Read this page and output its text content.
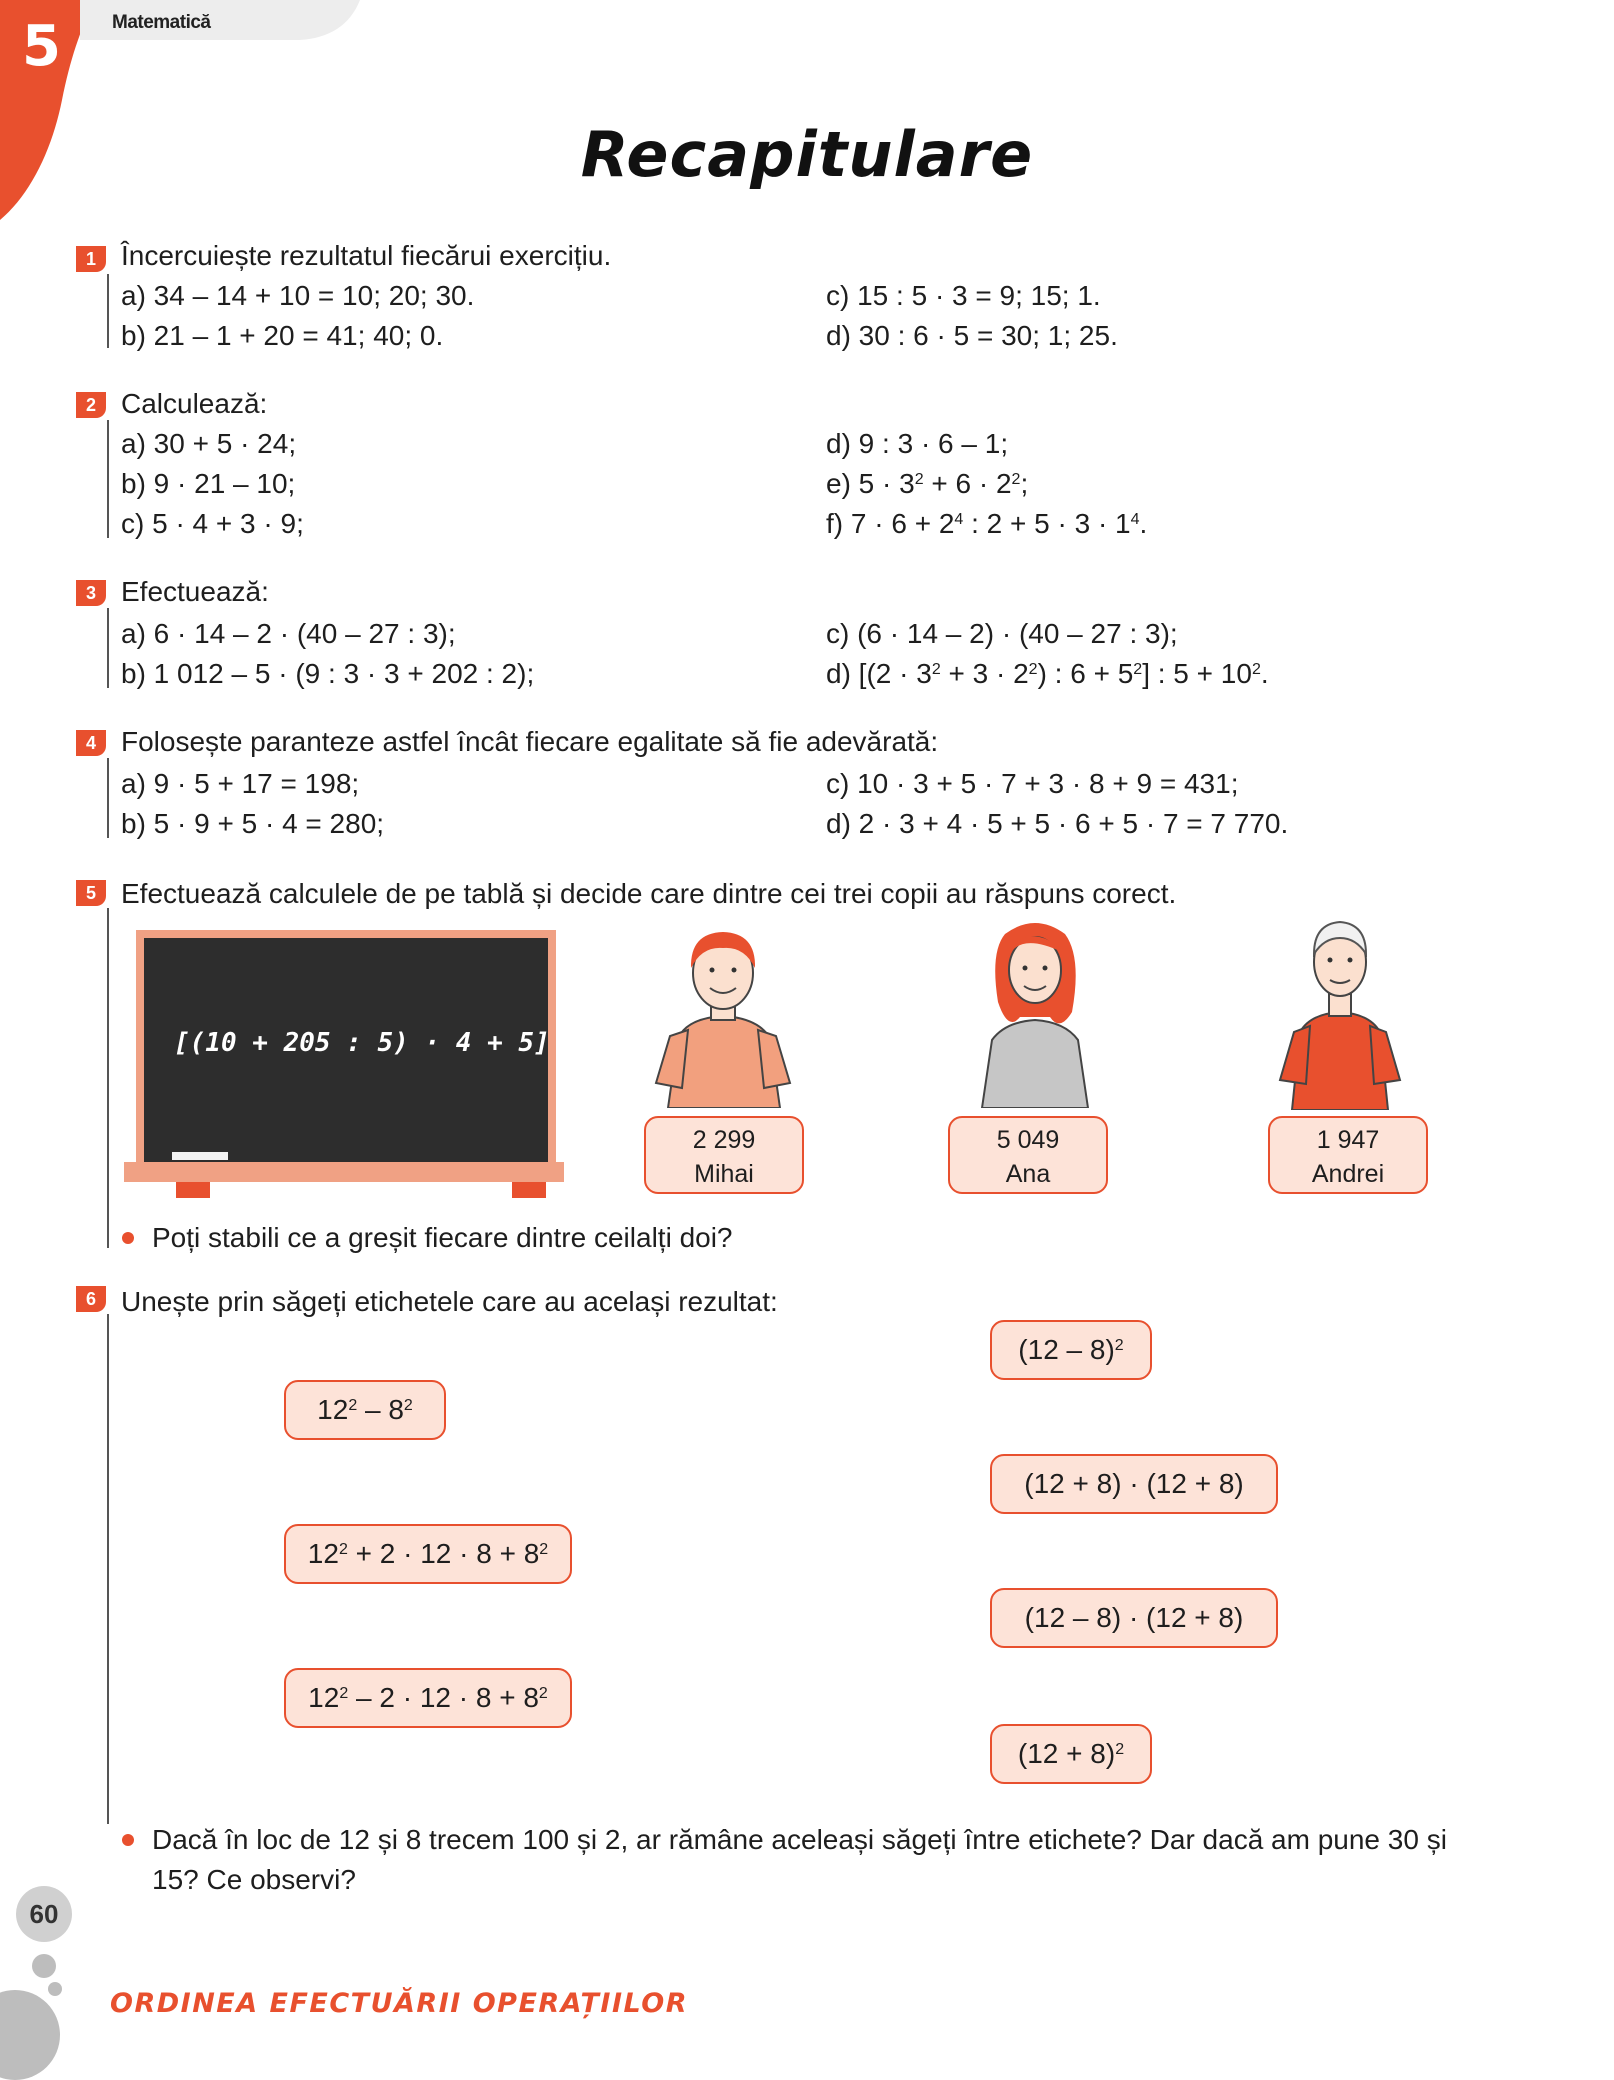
5	Matematică
Recapitulare
1 Încercuiește rezultatul fiecărui exercițiu.
a) 34 – 14 + 10 = 10; 20; 30.
b) 21 – 1 + 20 = 41; 40; 0.
c) 15 : 5 · 3 = 9; 15; 1.
d) 30 : 6 · 5 = 30; 1; 25.
2 Calculează:
a) 30 + 5 · 24;
b) 9 · 21 – 10;
c) 5 · 4 + 3 · 9;
d) 9 : 3 · 6 – 1;
e) $5 \cdot 3^2 + 6 \cdot 2^2$;
f) $7 \cdot 6 + 2^4$ : $2 + 5 \cdot 3 \cdot 1^4$.
3 Efectuează:
a) 6 · 14 – 2 · (40 – 27 : 3);
b) 1 012 – 5 · (9 : 3 · 3 + 202 : 2);
c) (6 · 14 – 2) · (40 – 27 : 3);
d) [$(2 \cdot 3^2 + 3 \cdot 2^2)$ : $6 + 5^2$] : $5 + 10^2$.
4 Folosește paranteze astfel încât fiecare egalitate să fie adevărată:
a) 9 · 5 + 17 = 198;
b) 5 · 9 + 5 · 4 = 280;
c) 10 · 3 + 5 · 7 + 3 · 8 + 9 = 431;
d) 2 · 3 + 4 · 5 + 5 · 6 + 5 · 7 = 7 770.
5 Efectuează calculele de pe tablă și decide care dintre cei trei copii au răspuns corect.
[(10 + 205 : 5) · 4 + 5] · 11 =
2 299
Mihai
5 049
Ana
1 947
Andrei
Poți stabili ce a greșit fiecare dintre ceilalți doi?
6 Unește prin săgeți etichetele care au același rezultat:
$12^2 - 8^2$
$12^2 + 2 \cdot 12 \cdot 8 + 8^2$
$12^2 - 2 \cdot 12 \cdot 8 + 8^2$
(12 – 8)$^2$
(12 + 8) · (12 + 8)
(12 – 8) · (12 + 8)
$(12 + 8)^2$
Dacă în loc de 12 și 8 trecem 100 și 2, ar rămâne aceleași săgeți între etichete? Dar dacă am pune 30 și
15? Ce observi?
60
ORDINEA EFECTUĂRII OPERAȚIILOR
